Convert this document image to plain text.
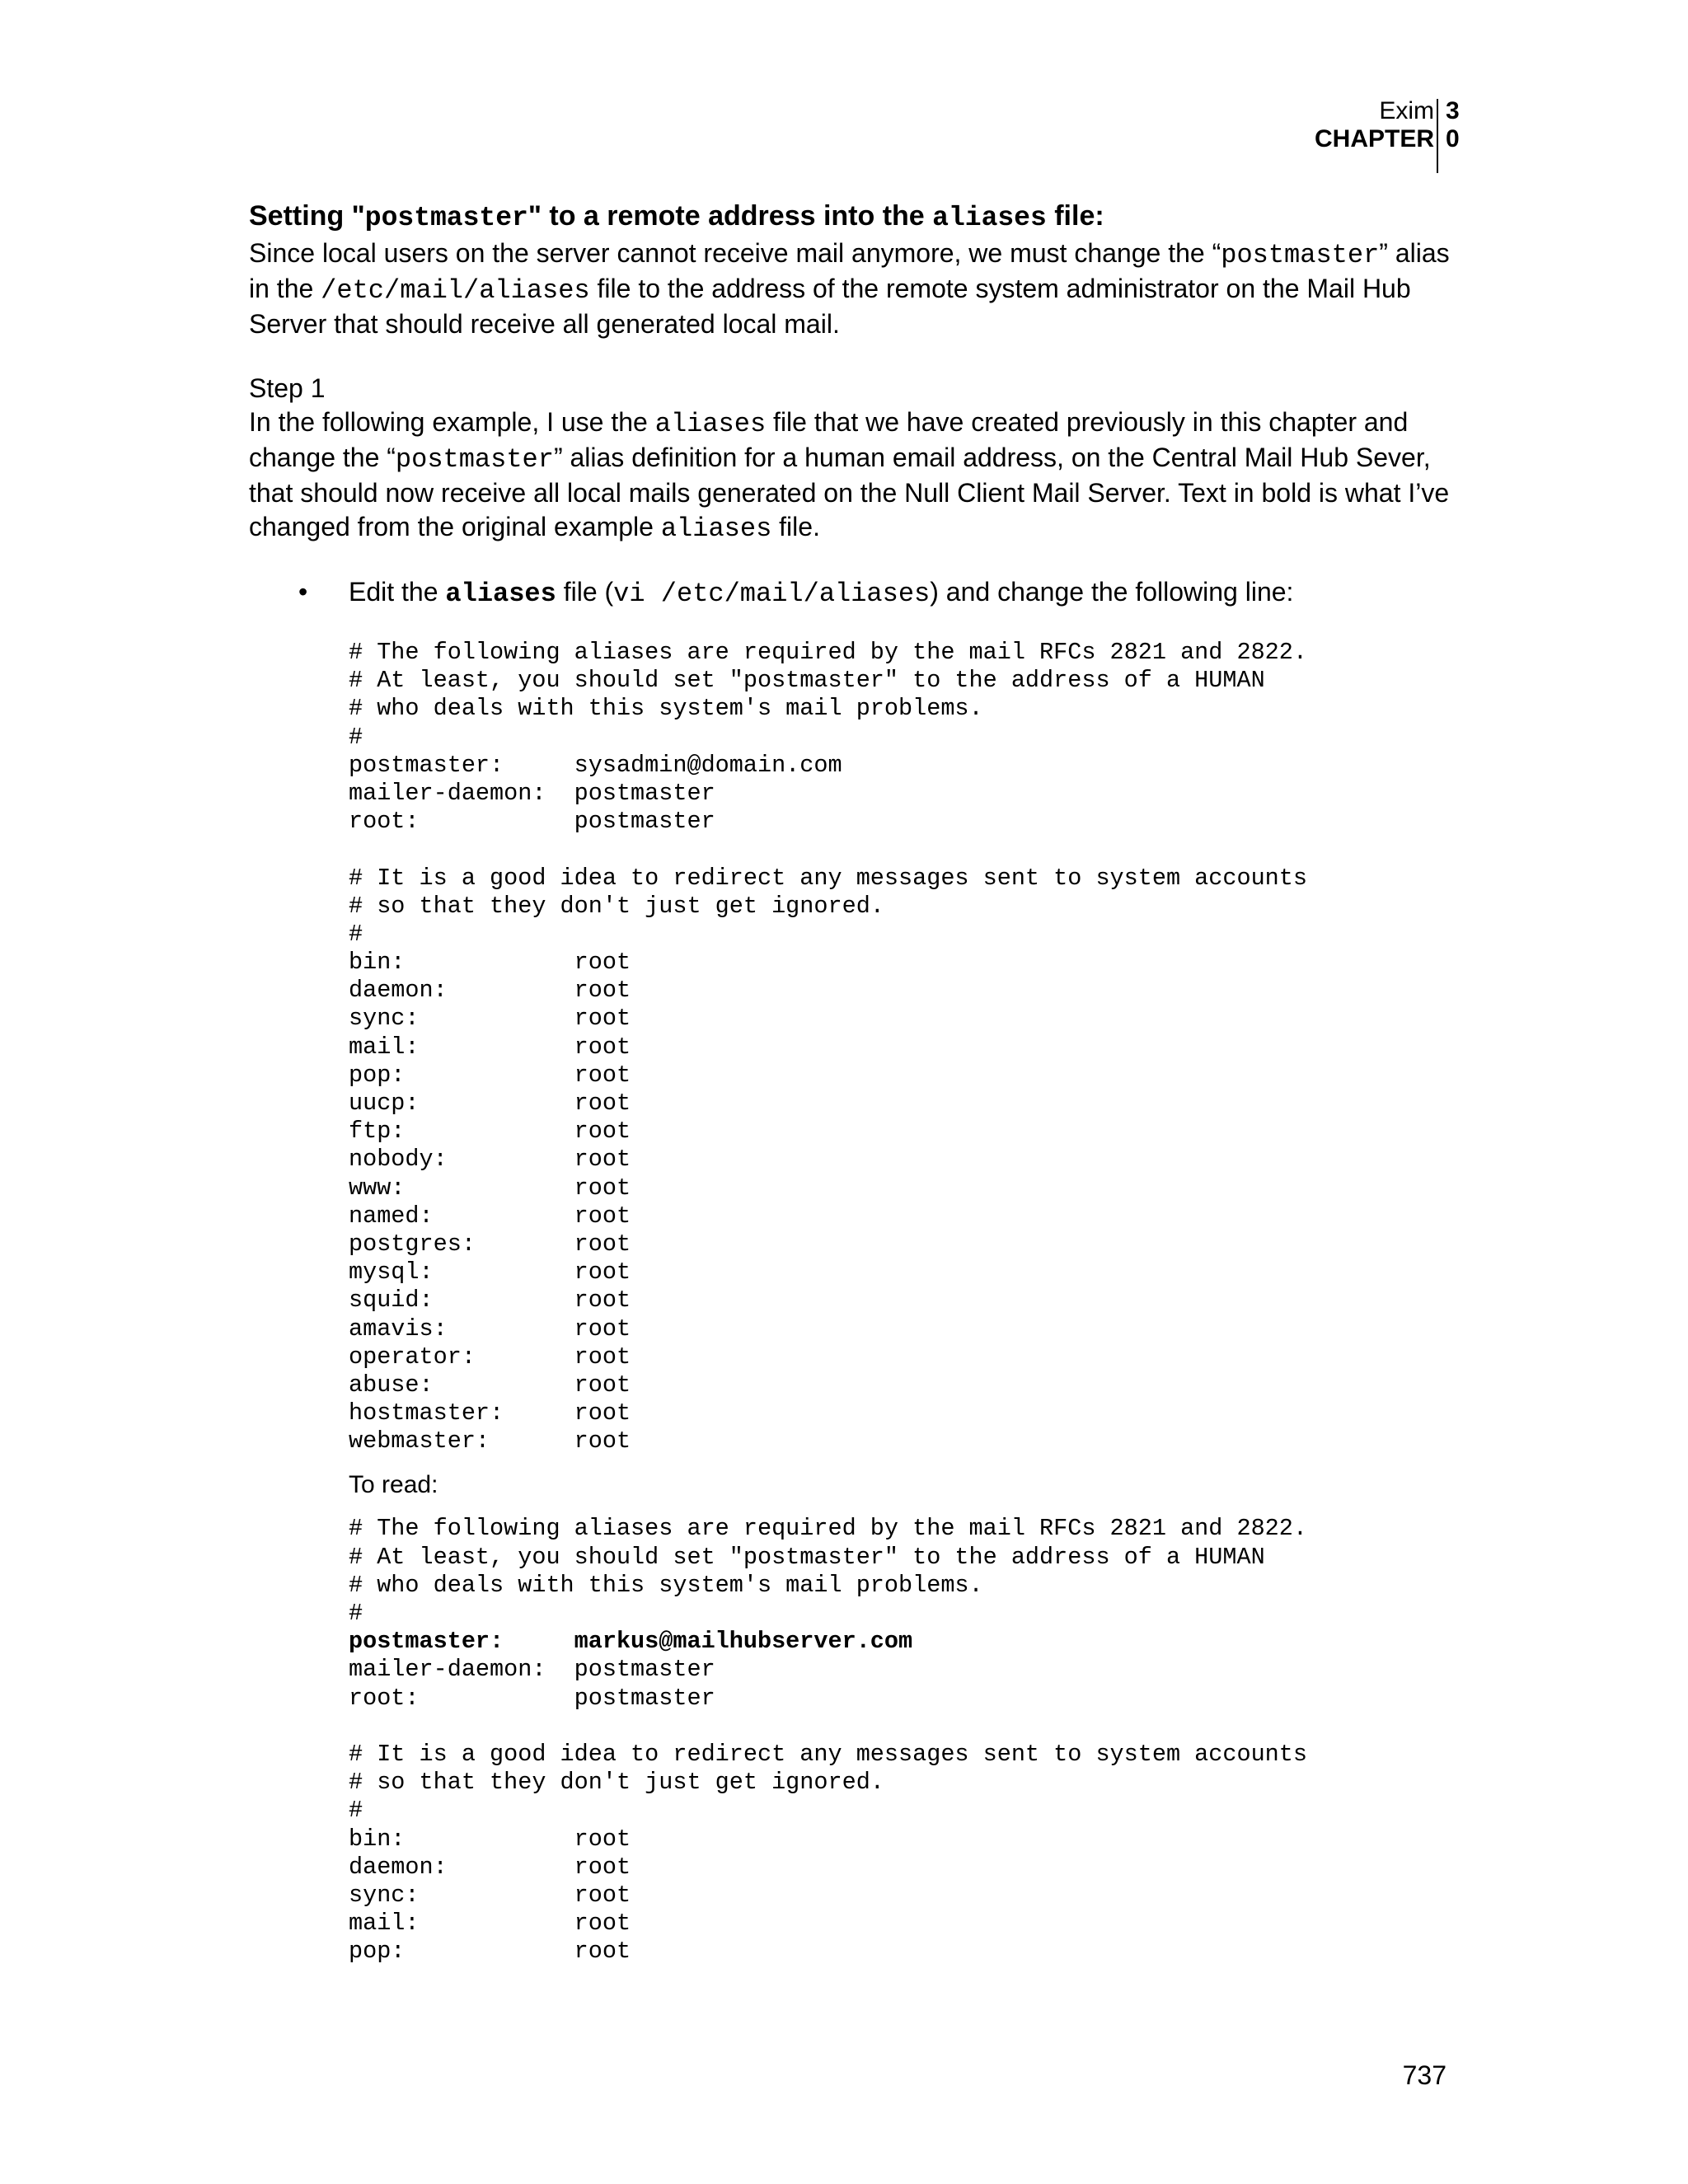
Exim
CHAPTER
3
0
Setting "postmaster" to a remote address into the aliases file:

Since local users on the server cannot receive mail anymore, we must change the “postmaster” alias in the /etc/mail/aliases file to the address of the remote system administrator on the Mail Hub Server that should receive all generated local mail.

Step 1

In the following example, I use the aliases file that we have created previously in this chapter and change the “postmaster” alias definition for a human email address, on the Central Mail Hub Sever, that should now receive all local mails generated on the Null Client Mail Server. Text in bold is what I’ve changed from the original example aliases file.

• Edit the aliases file (vi /etc/mail/aliases) and change the following line:
# The following aliases are required by the mail RFCs 2821 and 2822.
# At least, you should set "postmaster" to the address of a HUMAN
# who deals with this system's mail problems.
#
postmaster:     sysadmin@domain.com
mailer-daemon:  postmaster
root:           postmaster
# It is a good idea to redirect any messages sent to system accounts
# so that they don't just get ignored.
#
bin:            root
daemon:         root
sync:           root
mail:           root
pop:            root
uucp:           root
ftp:            root
nobody:         root
www:            root
named:          root
postgres:       root
mysql:          root
squid:          root
amavis:         root
operator:       root
abuse:          root
hostmaster:     root
webmaster:      root
To read:
# The following aliases are required by the mail RFCs 2821 and 2822.
# At least, you should set "postmaster" to the address of a HUMAN
# who deals with this system's mail problems.
#
postmaster:     markus@mailhubserver.com
mailer-daemon:  postmaster
root:           postmaster
# It is a good idea to redirect any messages sent to system accounts
# so that they don't just get ignored.
#
bin:            root
daemon:         root
sync:           root
mail:           root
pop:            root
737
